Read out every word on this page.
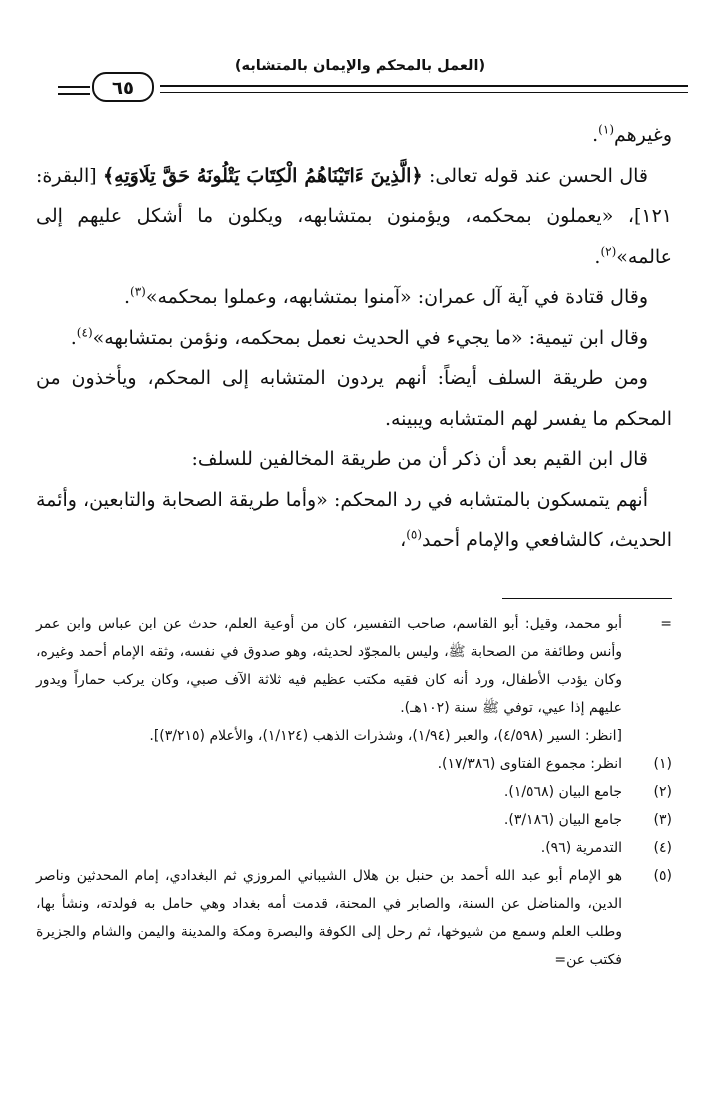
(العمل بالمحكم والإيمان بالمتشابه)
٦٥

وغيرهم$^{(١)}$.

قال الحسن عند قوله تعالى: ﴿الَّذِينَ ءَاتَيْنَاهُمُ الْكِتَابَ يَتْلُونَهُ حَقَّ تِلَاوَتِهِ﴾ [البقرة: ١٢١]، «يعملون بمحكمه، ويؤمنون بمتشابهه، ويكلون ما أشكل عليهم إلى عالمه»$^{(٢)}$.

وقال قتادة في آية آل عمران: «آمنوا بمتشابهه، وعملوا بمحكمه»$^{(٣)}$.

وقال ابن تيمية: «ما يجيء في الحديث نعمل بمحكمه، ونؤمن بمتشابهه»$^{(٤)}$.

ومن طريقة السلف أيضاً: أنهم يردون المتشابه إلى المحكم، ويأخذون من المحكم ما يفسر لهم المتشابه ويبينه.

قال ابن القيم بعد أن ذكر أن من طريقة المخالفين للسلف:

أنهم يتمسكون بالمتشابه في رد المحكم: «وأما طريقة الصحابة والتابعين، وأئمة الحديث، كالشافعي والإمام أحمد$^{(٥)}$،

=
أبو محمد، وقيل: أبو القاسم، صاحب التفسير، كان من أوعية العلم، حدث عن ابن عباس وابن عمر وأنس وطائفة من الصحابة ﷺ، وليس بالمجوّد لحديثه، وهو صدوق في نفسه، وثقه الإمام أحمد وغيره، وكان يؤدب الأطفال، ورد أنه كان فقيه مكتب عظيم فيه ثلاثة الآف صبي، وكان يركب حماراً ويدور عليهم إذا عيي، توفي ﷺ سنة (١٠٢هـ).
[انظر: السير (٤/٥٩٨)، والعبر (١/٩٤)، وشذرات الذهب (١/١٢٤)، والأعلام (٣/٢١٥)].
(١)
انظر: مجموع الفتاوى (١٧/٣٨٦).
(٢)
جامع البيان (١/٥٦٨).
(٣)
جامع البيان (٣/١٨٦).
(٤)
التدمرية (٩٦).
(٥)
هو الإمام أبو عبد الله أحمد بن حنبل بن هلال الشيباني المروزي ثم البغدادي، إمام المحدثين وناصر الدين، والمناضل عن السنة، والصابر في المحنة، قدمت أمه بغداد وهي حامل به فولدته، ونشأ بها، وطلب العلم وسمع من شيوخها، ثم رحل إلى الكوفة والبصرة ومكة والمدينة واليمن والشام والجزيرة فكتب عن=
